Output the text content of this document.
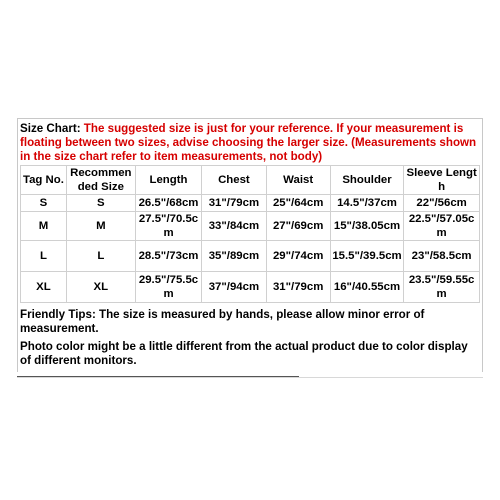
Size Chart: The suggested size is just for your reference. If your measurement is floating between two sizes, advise choosing the larger size. (Measurements shown in the size chart refer to item measurements, not body)

Tag No.	Recommended Size	Length	Chest	Waist	Shoulder	Sleeve Length
S	S	26.5"/68cm	31"/79cm	25"/64cm	14.5"/37cm	22"/56cm
M	M	27.5"/70.5cm	33"/84cm	27"/69cm	15"/38.05cm	22.5"/57.05cm
L	L	28.5"/73cm	35"/89cm	29"/74cm	15.5"/39.5cm	23"/58.5cm
XL	XL	29.5"/75.5cm	37"/94cm	31"/79cm	16"/40.55cm	23.5"/59.55cm

Friendly Tips: The size is measured by hands, please allow minor error of measurement.

Photo color might be a little different from the actual product due to color display of different monitors.
